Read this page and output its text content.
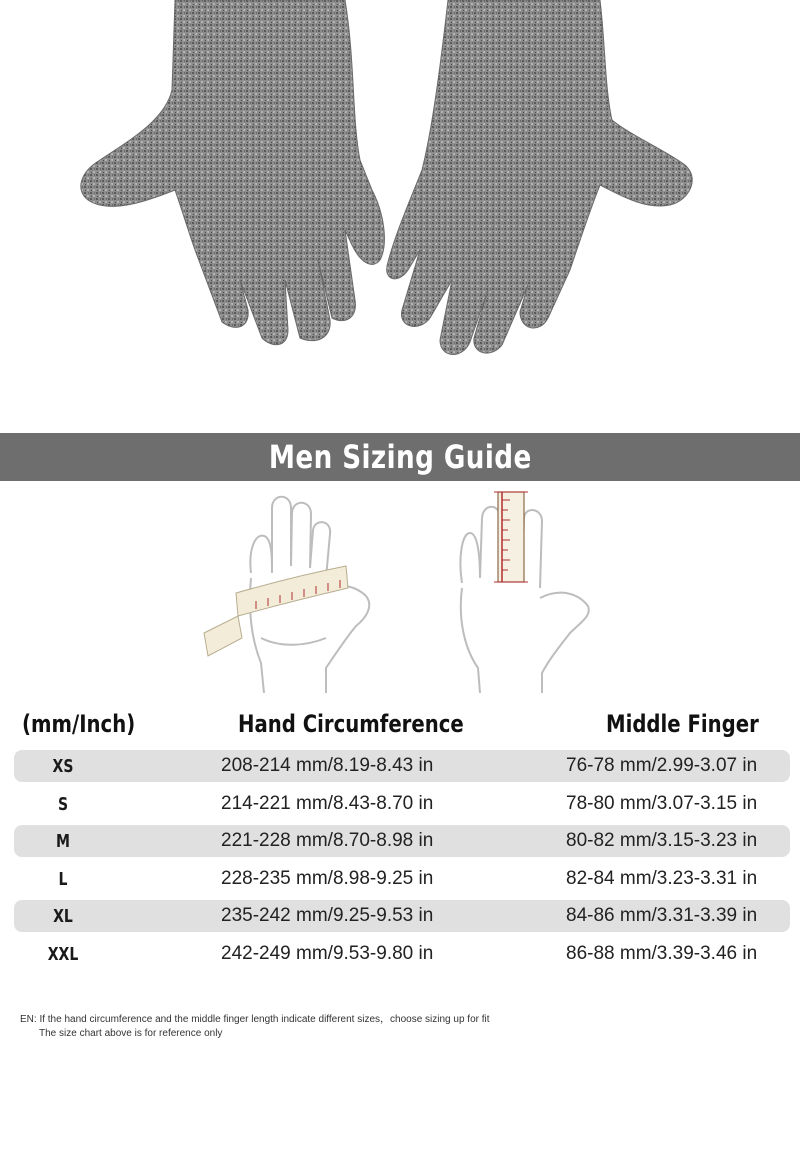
Men Sizing Guide
(mm/Inch)	Hand Circumference	Middle Finger
XS	208-214 mm/8.19-8.43 in	76-78 mm/2.99-3.07 in
S	214-221 mm/8.43-8.70 in	78-80 mm/3.07-3.15 in
M	221-228 mm/8.70-8.98 in	80-82 mm/3.15-3.23 in
L	228-235 mm/8.98-9.25 in	82-84 mm/3.23-3.31 in
XL	235-242 mm/9.25-9.53 in	84-86 mm/3.31-3.39 in
XXL	242-249 mm/9.53-9.80 in	86-88 mm/3.39-3.46 in
EN: If the hand circumference and the middle finger length indicate different sizes，choose sizing up for fit
The size chart above is for reference only
